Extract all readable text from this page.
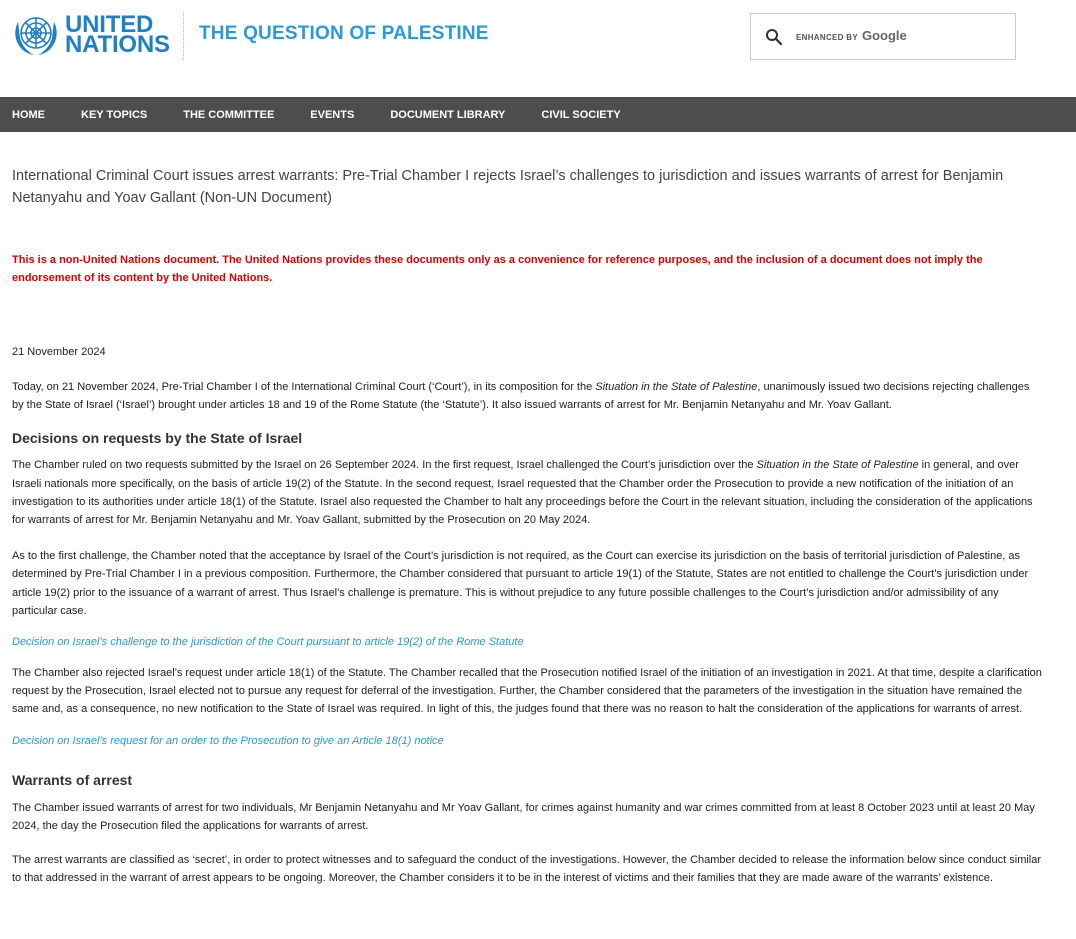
UNITED
NATIONS THE QUESTION OF PALESTINE	ENHANCED BY Google
HOME	KEY TOPICS	THE COMMITTEE	EVENTS	DOCUMENT LIBRARY	CIVIL SOCIETY
International Criminal Court issues arrest warrants: Pre-Trial Chamber I rejects Israel’s challenges to jurisdiction and issues warrants of arrest for Benjamin Netanyahu and Yoav Gallant (Non-UN Document)

This is a non-United Nations document. The United Nations provides these documents only as a convenience for reference purposes, and the inclusion of a document does not imply the endorsement of its content by the United Nations.

21 November 2024

Today, on 21 November 2024, Pre-Trial Chamber I of the International Criminal Court (‘Court’), in its composition for the Situation in the State of Palestine, unanimously issued two decisions rejecting challenges by the State of Israel (‘Israel’) brought under articles 18 and 19 of the Rome Statute (the ‘Statute’). It also issued warrants of arrest for Mr. Benjamin Netanyahu and Mr. Yoav Gallant.

Decisions on requests by the State of Israel

The Chamber ruled on two requests submitted by the Israel on 26 September 2024. In the first request, Israel challenged the Court’s jurisdiction over the Situation in the State of Palestine in general, and over Israeli nationals more specifically, on the basis of article 19(2) of the Statute. In the second request, Israel requested that the Chamber order the Prosecution to provide a new notification of the initiation of an investigation to its authorities under article 18(1) of the Statute. Israel also requested the Chamber to halt any proceedings before the Court in the relevant situation, including the consideration of the applications for warrants of arrest for Mr. Benjamin Netanyahu and Mr. Yoav Gallant, submitted by the Prosecution on 20 May 2024.

As to the first challenge, the Chamber noted that the acceptance by Israel of the Court’s jurisdiction is not required, as the Court can exercise its jurisdiction on the basis of territorial jurisdiction of Palestine, as determined by Pre-Trial Chamber I in a previous composition. Furthermore, the Chamber considered that pursuant to article 19(1) of the Statute, States are not entitled to challenge the Court’s jurisdiction under article 19(2) prior to the issuance of a warrant of arrest. Thus Israel’s challenge is premature. This is without prejudice to any future possible challenges to the Court’s jurisdiction and/or admissibility of any particular case.

Decision on Israel’s challenge to the jurisdiction of the Court pursuant to article 19(2) of the Rome Statute

The Chamber also rejected Israel’s request under article 18(1) of the Statute. The Chamber recalled that the Prosecution notified Israel of the initiation of an investigation in 2021. At that time, despite a clarification request by the Prosecution, Israel elected not to pursue any request for deferral of the investigation. Further, the Chamber considered that the parameters of the investigation in the situation have remained the same and, as a consequence, no new notification to the State of Israel was required. In light of this, the judges found that there was no reason to halt the consideration of the applications for warrants of arrest.

Decision on Israel’s request for an order to the Prosecution to give an Article 18(1) notice
Warrants of arrest

The Chamber issued warrants of arrest for two individuals, Mr Benjamin Netanyahu and Mr Yoav Gallant, for crimes against humanity and war crimes committed from at least 8 October 2023 until at least 20 May 2024, the day the Prosecution filed the applications for warrants of arrest.

The arrest warrants are classified as ‘secret’, in order to protect witnesses and to safeguard the conduct of the investigations. However, the Chamber decided to release the information below since conduct similar to that addressed in the warrant of arrest appears to be ongoing. Moreover, the Chamber considers it to be in the interest of victims and their families that they are made aware of the warrants’ existence.
